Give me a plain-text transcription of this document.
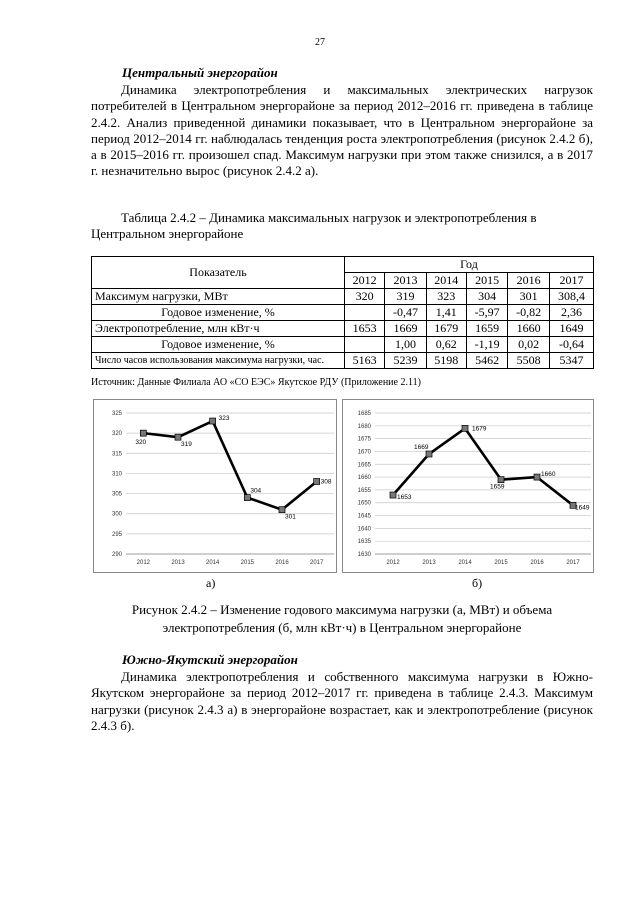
27
Центральный энергорайон
Динамика электропотребления и максимальных электрических нагрузок потребителей в Центральном энергорайоне за период 2012–2016 гг. приведена в таблице 2.4.2. Анализ приведенной динамики показывает, что в Центральном энергорайоне за период 2012–2014 гг. наблюдалась тенденция роста электропотребления (рисунок 2.4.2 б), а в 2015–2016 гг. произошел спад. Максимум нагрузки при этом также снизился, а в 2017 г. незначительно вырос (рисунок 2.4.2 а).
Таблица 2.4.2 – Динамика максимальных нагрузок и электропотребления в Центральном энергорайоне
Показатель	Год					
	2012	2013	2014	2015	2016	2017
Максимум нагрузки, МВт	320	319	323	304	301	308,4
Годовое изменение, %		-0,47	1,41	-5,97	-0,82	2,36
Электропотребление, млн кВт·ч	1653	1669	1679	1659	1660	1649
Годовое изменение, %		1,00	0,62	-1,19	0,02	-0,64
Число часов использования максимума нагрузки, час.	5163	5239	5198	5462	5508	5347
Источник: Данные Филиала АО «СО ЕЭС» Якутское РДУ (Приложение 2.11)
290
295
300
305
310
315
320
325
2012	2013	2014	2015	2016	2017
320	319
323
304
301
308
1630
1635
1640
1645
1650
1655
1660
1665
1670
1675
1680
1685
2012	2013	2014	2015	2016	2017
1653
1669
1679
1659
1660
1649
а)	б)
Рисунок 2.4.2 – Изменение годового максимума нагрузки (а, МВт) и объема электропотребления (б, млн кВт·ч) в Центральном энергорайоне
Южно-Якутский энергорайон
Динамика электропотребления и собственного максимума нагрузки в Южно-Якутском энергорайоне за период 2012–2017 гг. приведена в таблице 2.4.3. Максимум нагрузки (рисунок 2.4.3 а) в энергорайоне возрастает, как и электропотребление (рисунок 2.4.3 б).
